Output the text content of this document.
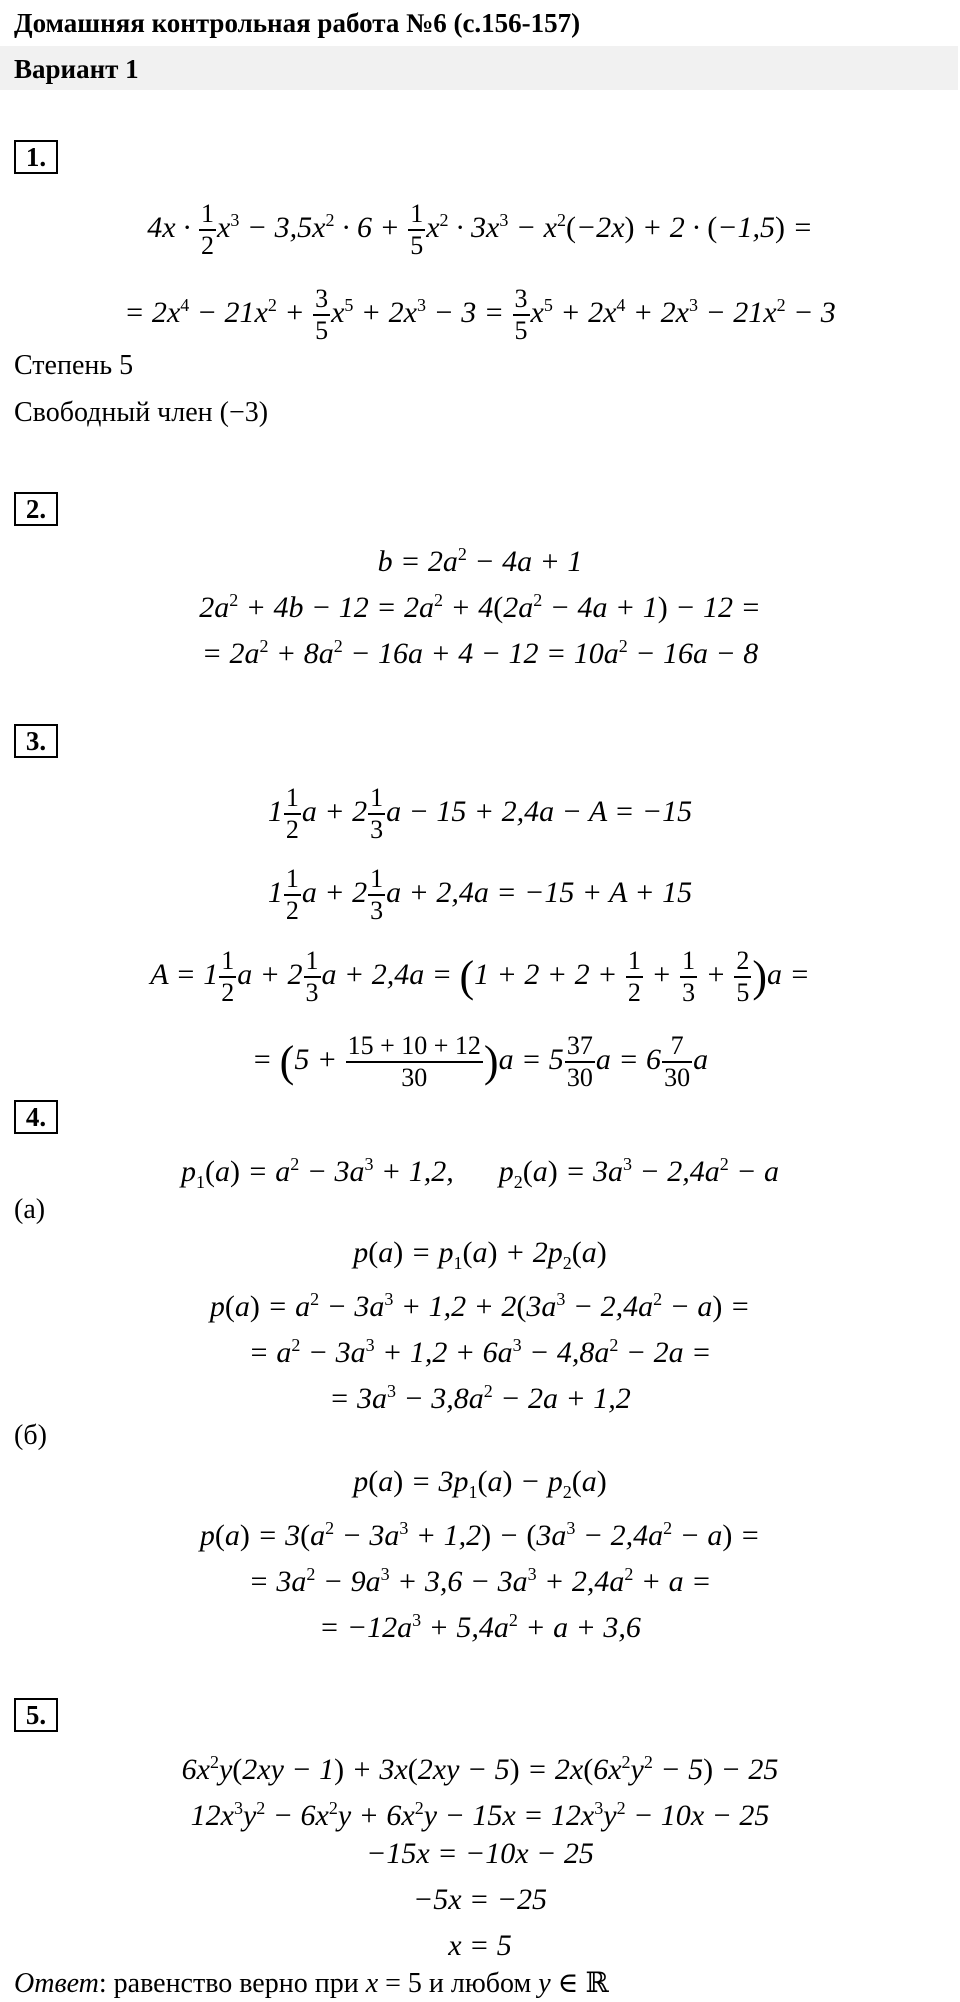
Домашняя контрольная работа №6 (с.156-157)
Вариант 1
1.
$4x \cdot \frac{1}{2} x^3 - 3,5x^2 \cdot 6 + \frac{1}{5} x^2 \cdot 3x^3 - x^2(-2x) + 2 \cdot (-1,5)$ =
= $2x^4 - 21x^2 + \frac{3}{5} x^5 + 2x^3 - 3 = \frac{3}{5} x^5 + 2x^4 + 2x^3 - 21x^2 - 3$
Степень 5
Свободный член (−3)
2.
$b = 2a^2 - 4a + 1$
$2a^2 + 4b - 12 = 2a^2 + 4(2a^2 - 4a + 1) - 12$ =
= $2a^2 + 8a^2 - 16a + 4 - 12 = 10a^2 - 16a - 8$
3.
$1 \frac{1}{2}$ $a + 2 \frac{1}{3}$ a − 15 + 2,4a − A = −15
$1 \frac{1}{2}$ $a + 2 \frac{1}{3}$ a + 2,4a = −15 + A + 15
$A = 1 \frac{1}{2}$ $a + 2 \frac{1}{3}$ $a + 2,4a = (1 + 2 + 2 + \frac{1}{2} + \frac{1}{3} + \frac{2}{5} )a$ =
= $(5 + \frac{15 + 10 + 12}{30} )a = 5 \frac{37}{30}$ $a = 6 \frac{7}{30}$ a
4.
$p_1(a) = a^2 - 3a^3 + 1,2$,      $p_2(a) = 3a^3 - 2,4a^2 - a$
(а)
$p(a) = p_1(a) + 2p_2(a)$
$p(a) = a^2 - 3a^3 + 1,2 + 2(3a^3 - 2,4a^2 - a)$ =
= $a^2 - 3a^3 + 1,2 + 6a^3 - 4,8a^2 - 2a$ =
= $3a^3 - 3,8a^2 - 2a + 1,2$
(б)
$p(a) = 3p_1(a) - p_2(a)$
$p(a) = 3(a^2 - 3a^3 + 1,2) - (3a^3 - 2,4a^2 - a)$ =
= $3a^2 - 9a^3 + 3,6 - 3a^3 + 2,4a^2 + a$ =
= $-12a^3 + 5,4a^2 + a + 3,6$
5.
$6x^2y(2xy - 1) + 3x(2xy - 5) = 2x(6x^2y^2 - 5) - 25$
$12x^3y^2 - 6x^2y + 6x^2y - 15x = 12x^3y^2 - 10x - 25$
−15x = −10x − 25
−5x = −25
x = 5
Ответ: равенство верно при x = 5 и любом y ∈ ℝ
